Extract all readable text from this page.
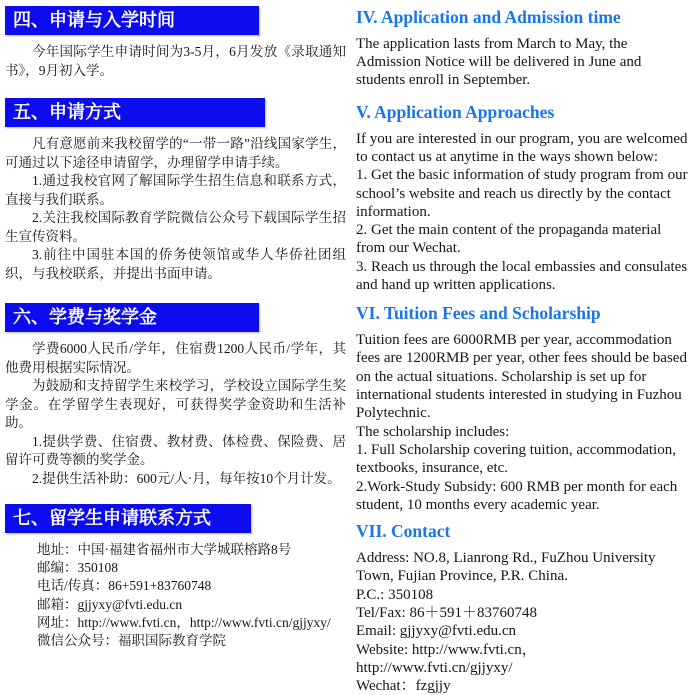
四、申请与入学时间

今年国际学生申请时间为3-5月，6月发放《录取通知书》，9月初入学。

五、申请方式

凡有意愿前来我校留学的“一带一路”沿线国家学生，可通过以下途径申请留学，办理留学申请手续。

1.通过我校官网了解国际学生招生信息和联系方式，直接与我们联系。

2.关注我校国际教育学院微信公众号下载国际学生招生宣传资料。

3.前往中国驻本国的侨务使领馆或华人华侨社团组织，与我校联系，并提出书面申请。

六、学费与奖学金

学费6000人民币/学年，住宿费1200人民币/学年，其他费用根据实际情况。

为鼓励和支持留学生来校学习，学校设立国际学生奖学金。在学留学生表现好，可获得奖学金资助和生活补助。

1.提供学费、住宿费、教材费、体检费、保险费、居留许可费等额的奖学金。

2.提供生活补助：600元/人·月，每年按10个月计发。

七、留学生申请联系方式
地址：中国·福建省福州市大学城联榕路8号
邮编：350108
电话/传真：86+591+83760748
邮箱：gjjyxy@fvti.edu.cn
网址：http://www.fvti.cn，http://www.fvti.cn/gjjyxy/
微信公众号：福职国际教育学院
IV. Application and Admission time

The application lasts from March to May, the Admission Notice will be delivered in June and students enroll in September.

V. Application Approaches

If you are interested in our program, you are welcomed to contact us at anytime in the ways shown below:

1. Get the basic information of study program from our school’s website and reach us directly by the contact information.

2. Get the main content of the propaganda material from our Wechat.

3. Reach us through the local embassies and consulates and hand up written applications.

VI. Tuition Fees and Scholarship

Tuition fees are 6000RMB per year, accommodation fees are 1200RMB per year, other fees should be based on the actual situations. Scholarship is set up for international students interested in studying in Fuzhou Polytechnic.

The scholarship includes:

1. Full Scholarship covering tuition, accommodation, textbooks, insurance, etc.

2.Work-Study Subsidy: 600 RMB per month for each student, 10 months every academic year.

VII. Contact

Address: NO.8, Lianrong Rd., FuZhou University Town, Fujian Province, P.R. China.

P.C.: 350108

Tel/Fax: 86＋591＋83760748

Email: gjjyxy@fvti.edu.cn

Website: http://www.fvti.cn，http://www.fvti.cn/gjjyxy/

Wechat：fzgjjy
